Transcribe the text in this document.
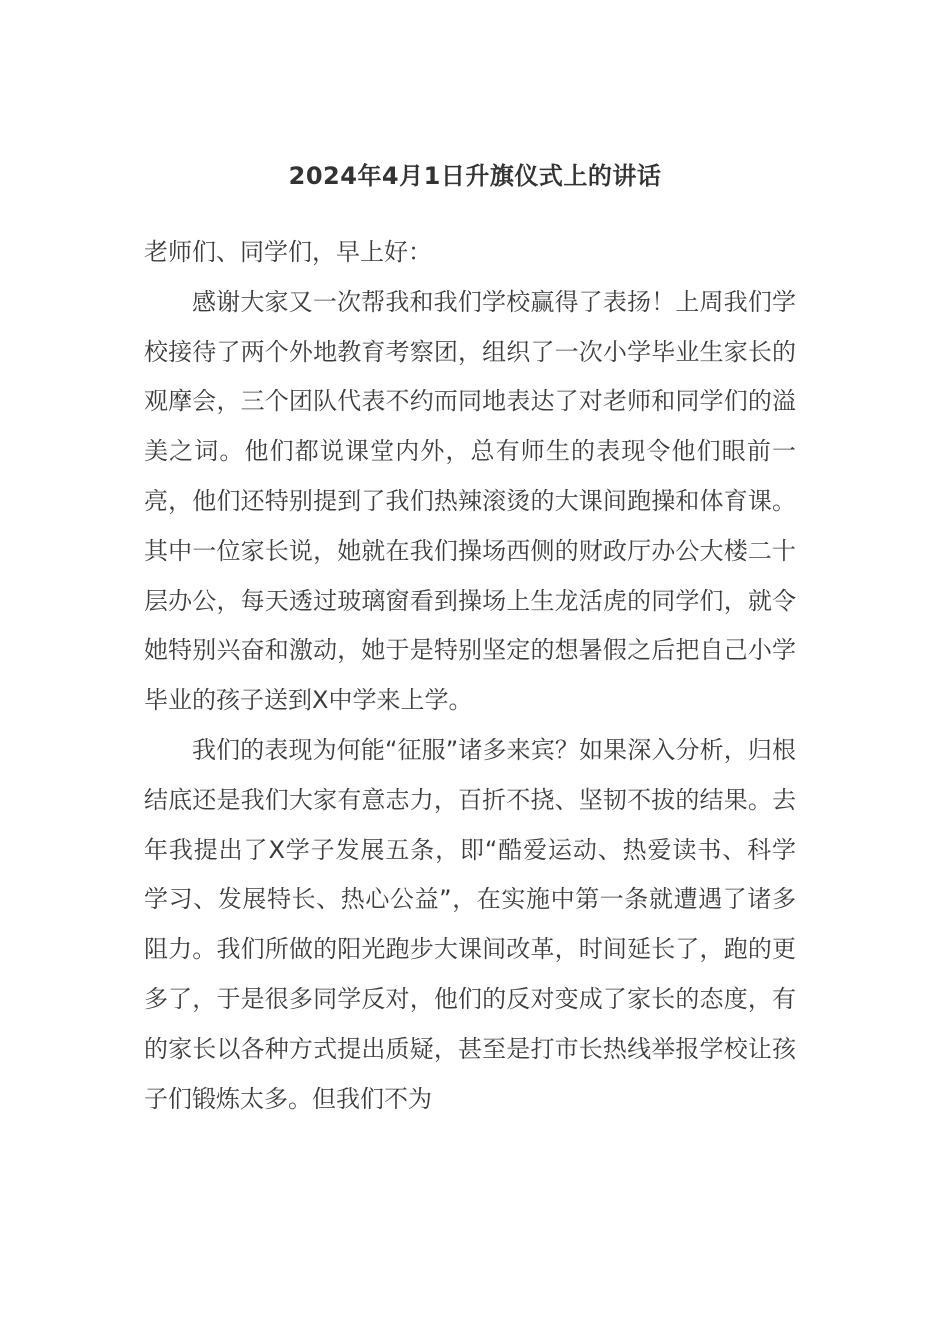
2024年4月1日升旗仪式上的讲话

老师们、同学们，早上好：

感谢大家又一次帮我和我们学校赢得了表扬！上周我们学校接待了两个外地教育考察团，组织了一次小学毕业生家长的观摩会，三个团队代表不约而同地表达了对老师和同学们的溢美之词。他们都说课堂内外，总有师生的表现令他们眼前一亮，他们还特别提到了我们热辣滚烫的大课间跑操和体育课。其中一位家长说，她就在我们操场西侧的财政厅办公大楼二十层办公，每天透过玻璃窗看到操场上生龙活虎的同学们，就令她特别兴奋和激动，她于是特别坚定的想暑假之后把自己小学毕业的孩子送到X中学来上学。

我们的表现为何能“征服”诸多来宾？如果深入分析，归根结底还是我们大家有意志力，百折不挠、坚韧不拔的结果。去年我提出了X学子发展五条，即“酷爱运动、热爱读书、科学学习、发展特长、热心公益”，在实施中第一条就遭遇了诸多阻力。我们所做的阳光跑步大课间改革，时间延长了，跑的更多了，于是很多同学反对，他们的反对变成了家长的态度，有的家长以各种方式提出质疑，甚至是打市长热线举报学校让孩子们锻炼太多。但我们不为
